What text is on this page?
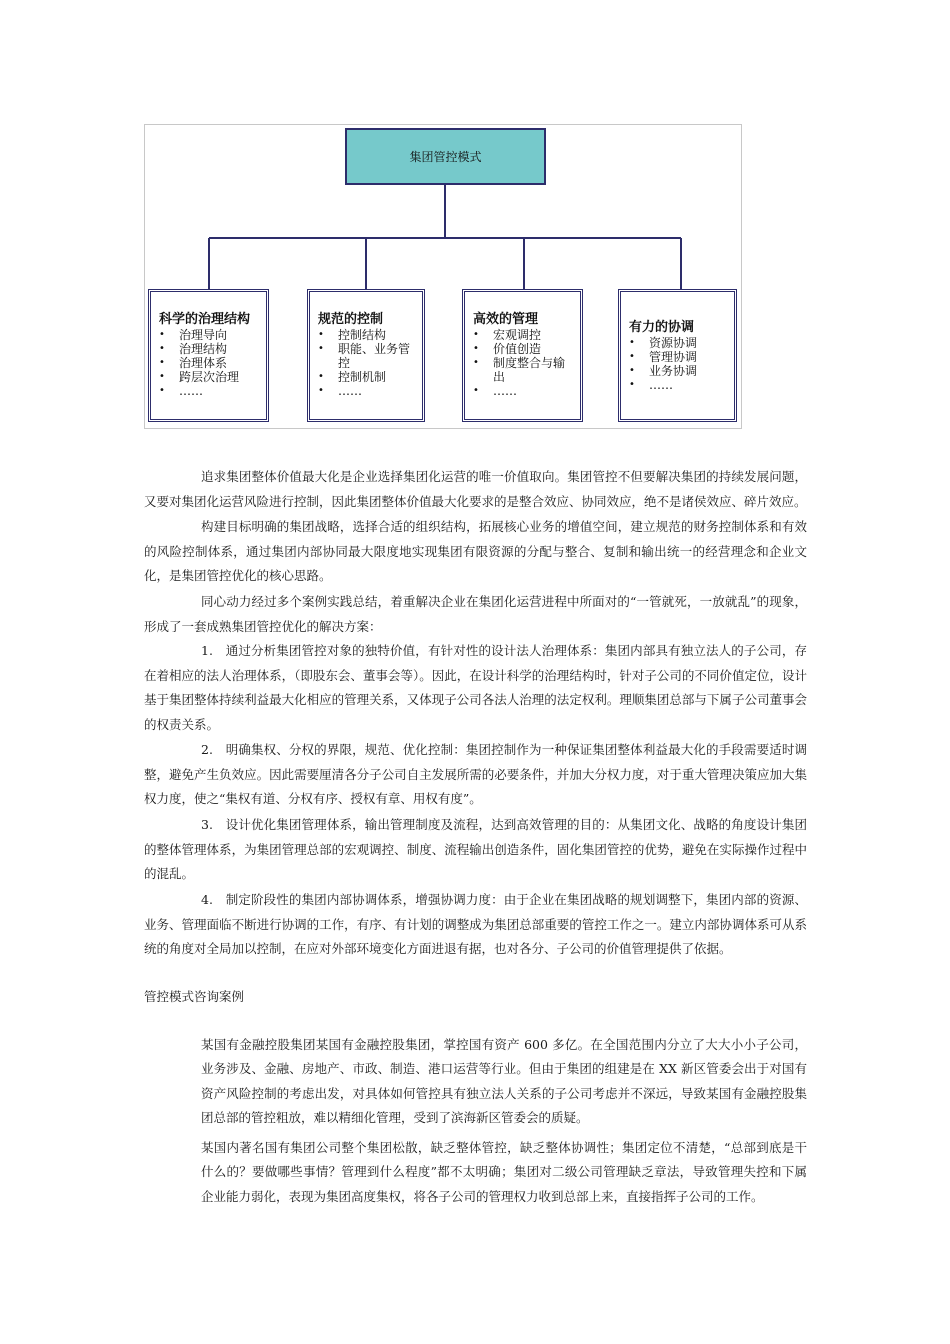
集团管控模式
科学的治理结构
• 治理导向
• 治理结构
• 治理体系
• 跨层次治理
• ……
规范的控制
• 控制结构
• 职能、业务管控
• 控制机制
• ……
高效的管理
• 宏观调控
• 价值创造
• 制度整合与输出
• ……
有力的协调
• 资源协调
• 管理协调
• 业务协调
• ……

追求集团整体价值最大化是企业选择集团化运营的唯一价值取向。集团管控不但要解决集团的持续发展问题，又要对集团化运营风险进行控制，因此集团整体价值最大化要求的是整合效应、协同效应，绝不是诸侯效应、碎片效应。

构建目标明确的集团战略，选择合适的组织结构，拓展核心业务的增值空间，建立规范的财务控制体系和有效的风险控制体系，通过集团内部协同最大限度地实现集团有限资源的分配与整合、复制和输出统一的经营理念和企业文化，是集团管控优化的核心思路。

同心动力经过多个案例实践总结，着重解决企业在集团化运营进程中所面对的“一管就死，一放就乱”的现象，形成了一套成熟集团管控优化的解决方案：

1.　通过分析集团管控对象的独特价值，有针对性的设计法人治理体系：集团内部具有独立法人的子公司，存在着相应的法人治理体系，（即股东会、董事会等）。因此，在设计科学的治理结构时，针对子公司的不同价值定位，设计基于集团整体持续利益最大化相应的管理关系，又体现子公司各法人治理的法定权利。理顺集团总部与下属子公司董事会的权责关系。

2.　明确集权、分权的界限，规范、优化控制：集团控制作为一种保证集团整体利益最大化的手段需要适时调整，避免产生负效应。因此需要厘清各分子公司自主发展所需的必要条件，并加大分权力度，对于重大管理决策应加大集权力度，使之“集权有道、分权有序、授权有章、用权有度”。

3.　设计优化集团管理体系，输出管理制度及流程，达到高效管理的目的：从集团文化、战略的角度设计集团的整体管理体系，为集团管理总部的宏观调控、制度、流程输出创造条件，固化集团管控的优势，避免在实际操作过程中的混乱。

4.　制定阶段性的集团内部协调体系，增强协调力度：由于企业在集团战略的规划调整下，集团内部的资源、业务、管理面临不断进行协调的工作，有序、有计划的调整成为集团总部重要的管控工作之一。建立内部协调体系可从系统的角度对全局加以控制，在应对外部环境变化方面进退有据，也对各分、子公司的价值管理提供了依据。

管控模式咨询案例

某国有金融控股集团某国有金融控股集团，掌控国有资产 600 多亿。在全国范围内分立了大大小小子公司，业务涉及、金融、房地产、市政、制造、港口运营等行业。但由于集团的组建是在 XX 新区管委会出于对国有资产风险控制的考虑出发，对具体如何管控具有独立法人关系的子公司考虑并不深远，导致某国有金融控股集团总部的管控粗放，难以精细化管理，受到了滨海新区管委会的质疑。

某国内著名国有集团公司整个集团松散，缺乏整体管控，缺乏整体协调性；集团定位不清楚，“总部到底是干什么的？要做哪些事情？管理到什么程度”都不太明确；集团对二级公司管理缺乏章法，导致管理失控和下属企业能力弱化，表现为集团高度集权，将各子公司的管理权力收到总部上来，直接指挥子公司的工作。
